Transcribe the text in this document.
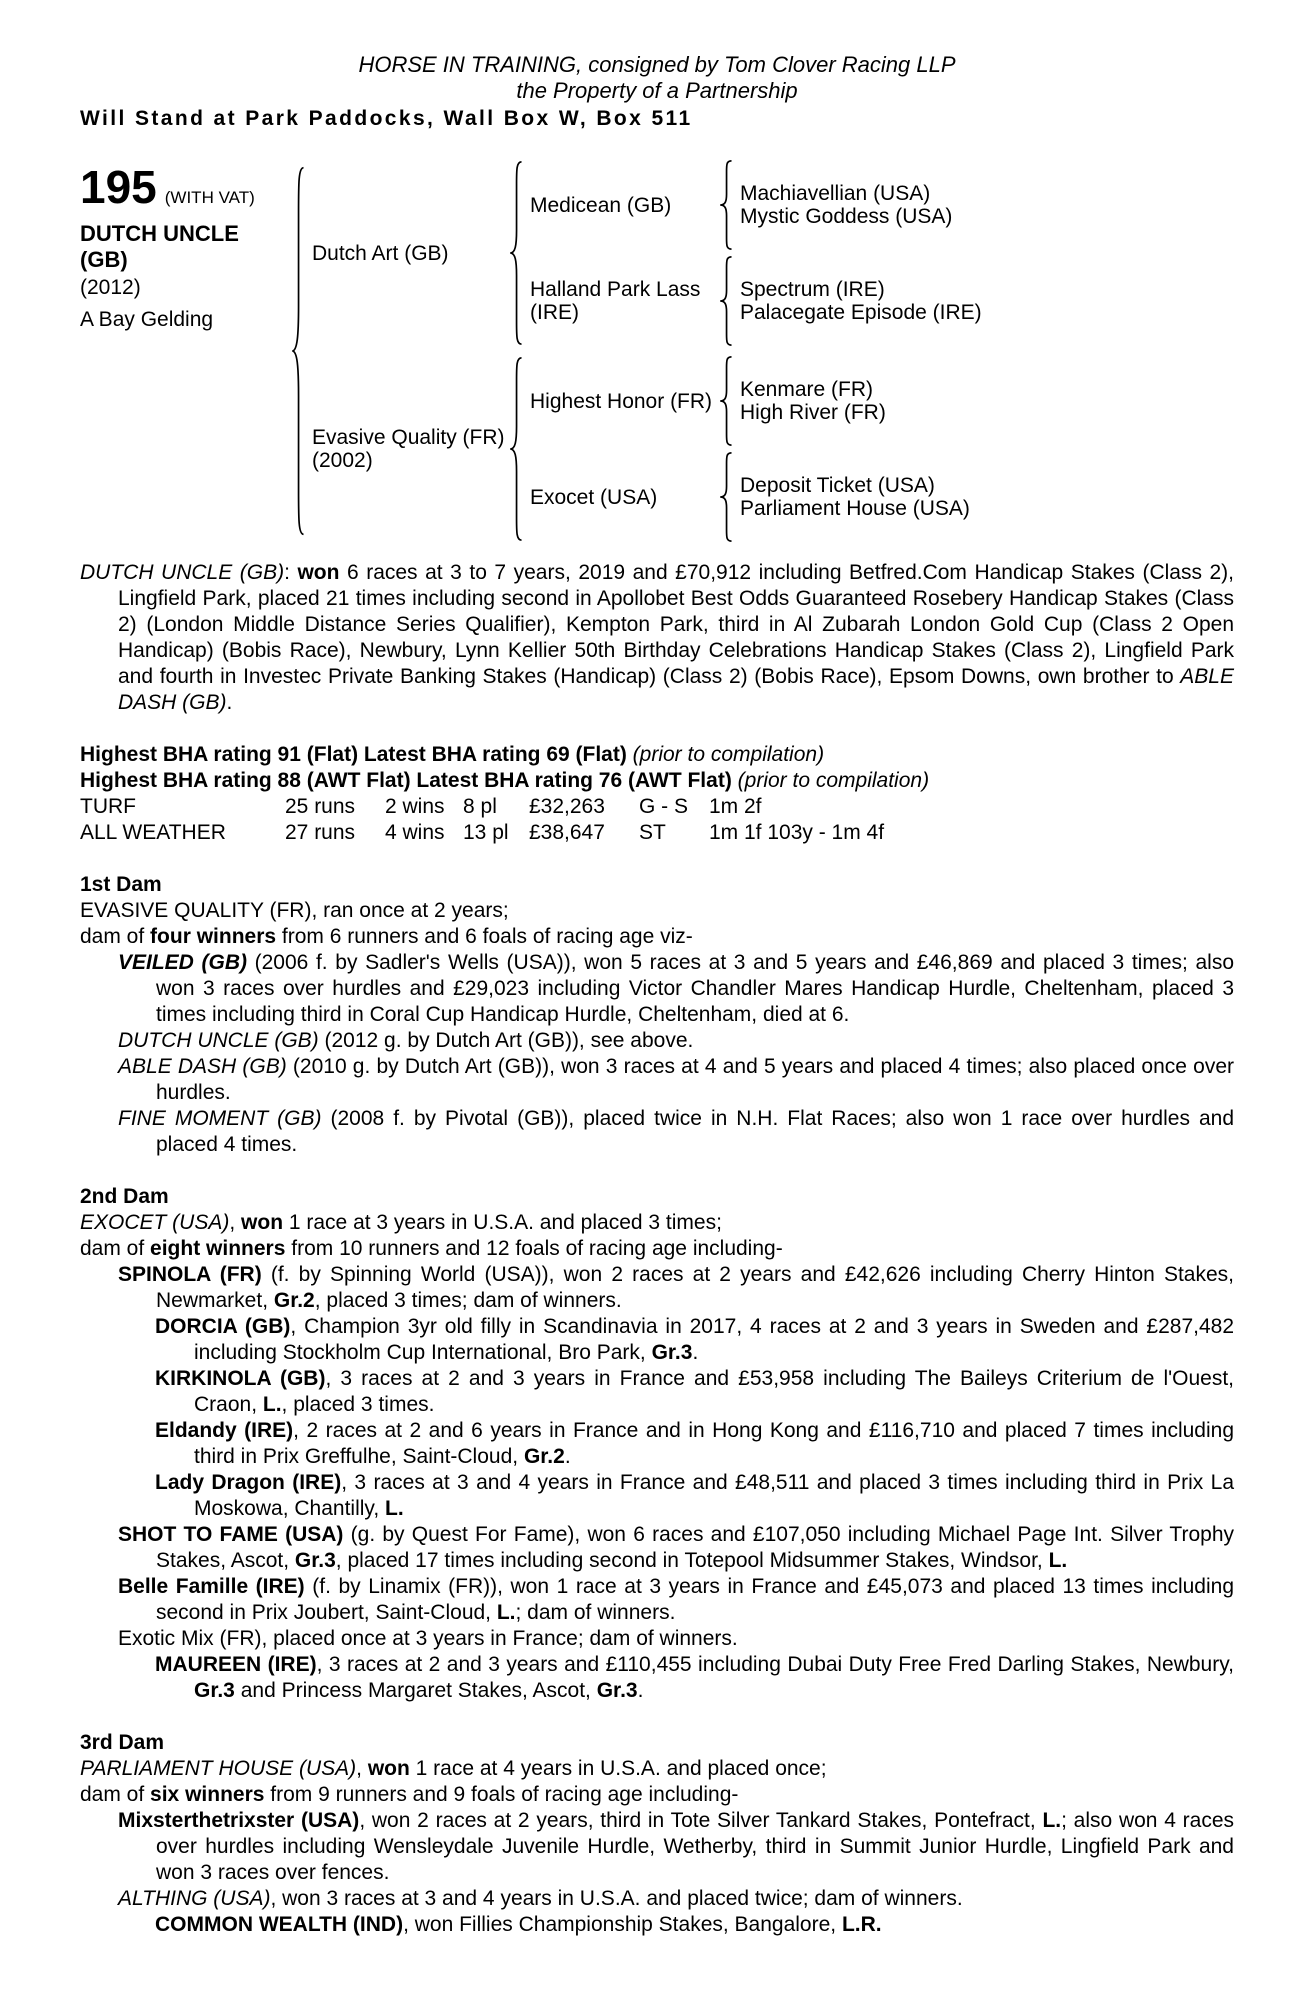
HORSE IN TRAINING, consigned by Tom Clover Racing LLP
the Property of a Partnership
Will Stand at Park Paddocks, Wall Box W, Box 511
195 (WITH VAT)
DUTCH UNCLE
(GB)
(2012)
A Bay Gelding
Dutch Art (GB)
Medicean (GB)	Machiavellian (USA)
Mystic Goddess (USA)
Halland Park Lass (IRE)
Spectrum (IRE)
Palacegate Episode (IRE)
Evasive Quality (FR)
(2002)
Highest Honor (FR) Kenmare (FR)
High River (FR)
Exocet (USA)	Deposit Ticket (USA)
Parliament House (USA)

DUTCH UNCLE (GB): won 6 races at 3 to 7 years, 2019 and £70,912 including Betfred.Com Handicap Stakes (Class 2), Lingfield Park, placed 21 times including second in Apollobet Best Odds Guaranteed Rosebery Handicap Stakes (Class 2) (London Middle Distance Series Qualifier), Kempton Park, third in Al Zubarah London Gold Cup (Class 2 Open Handicap) (Bobis Race), Newbury, Lynn Kellier 50th Birthday Celebrations Handicap Stakes (Class 2), Lingfield Park and fourth in Investec Private Banking Stakes (Handicap) (Class 2) (Bobis Race), Epsom Downs, own brother to ABLE DASH (GB).

Highest BHA rating 91 (Flat) Latest BHA rating 69 (Flat) (prior to compilation)

Highest BHA rating 88 (AWT Flat) Latest BHA rating 76 (AWT Flat) (prior to compilation)

TURF	25 runs	2 wins 8 pl	£32,263	G - S 1m 2f
ALL WEATHER	27 runs	4 wins 13 pl £38,647	ST	1m 1f 103y - 1m 4f
1st Dam

EVASIVE QUALITY (FR), ran once at 2 years;

dam of four winners from 6 runners and 6 foals of racing age viz-

VEILED (GB) (2006 f. by Sadler's Wells (USA)), won 5 races at 3 and 5 years and £46,869 and placed 3 times; also won 3 races over hurdles and £29,023 including Victor Chandler Mares Handicap Hurdle, Cheltenham, placed 3 times including third in Coral Cup Handicap Hurdle, Cheltenham, died at 6.

DUTCH UNCLE (GB) (2012 g. by Dutch Art (GB)), see above.

ABLE DASH (GB) (2010 g. by Dutch Art (GB)), won 3 races at 4 and 5 years and placed 4 times; also placed once over hurdles.

FINE MOMENT (GB) (2008 f. by Pivotal (GB)), placed twice in N.H. Flat Races; also won 1 race over hurdles and placed 4 times.

2nd Dam

EXOCET (USA), won 1 race at 3 years in U.S.A. and placed 3 times;

dam of eight winners from 10 runners and 12 foals of racing age including-

SPINOLA (FR) (f. by Spinning World (USA)), won 2 races at 2 years and £42,626 including Cherry Hinton Stakes, Newmarket, Gr.2, placed 3 times; dam of winners.

DORCIA (GB), Champion 3yr old filly in Scandinavia in 2017, 4 races at 2 and 3 years in Sweden and £287,482 including Stockholm Cup International, Bro Park, Gr.3.

KIRKINOLA (GB), 3 races at 2 and 3 years in France and £53,958 including The Baileys Criterium de l'Ouest, Craon, L., placed 3 times.

Eldandy (IRE), 2 races at 2 and 6 years in France and in Hong Kong and £116,710 and placed 7 times including third in Prix Greffulhe, Saint-Cloud, Gr.2.

Lady Dragon (IRE), 3 races at 3 and 4 years in France and £48,511 and placed 3 times including third in Prix La Moskowa, Chantilly, L.

SHOT TO FAME (USA) (g. by Quest For Fame), won 6 races and £107,050 including Michael Page Int. Silver Trophy Stakes, Ascot, Gr.3, placed 17 times including second in Totepool Midsummer Stakes, Windsor, L.

Belle Famille (IRE) (f. by Linamix (FR)), won 1 race at 3 years in France and £45,073 and placed 13 times including second in Prix Joubert, Saint-Cloud, L.; dam of winners.

Exotic Mix (FR), placed once at 3 years in France; dam of winners.

MAUREEN (IRE), 3 races at 2 and 3 years and £110,455 including Dubai Duty Free Fred Darling Stakes, Newbury, Gr.3 and Princess Margaret Stakes, Ascot, Gr.3.

3rd Dam

PARLIAMENT HOUSE (USA), won 1 race at 4 years in U.S.A. and placed once;

dam of six winners from 9 runners and 9 foals of racing age including-

Mixsterthetrixster (USA), won 2 races at 2 years, third in Tote Silver Tankard Stakes, Pontefract, L.; also won 4 races over hurdles including Wensleydale Juvenile Hurdle, Wetherby, third in Summit Junior Hurdle, Lingfield Park and won 3 races over fences.

ALTHING (USA), won 3 races at 3 and 4 years in U.S.A. and placed twice; dam of winners.

COMMON WEALTH (IND), won Fillies Championship Stakes, Bangalore, L.R.
